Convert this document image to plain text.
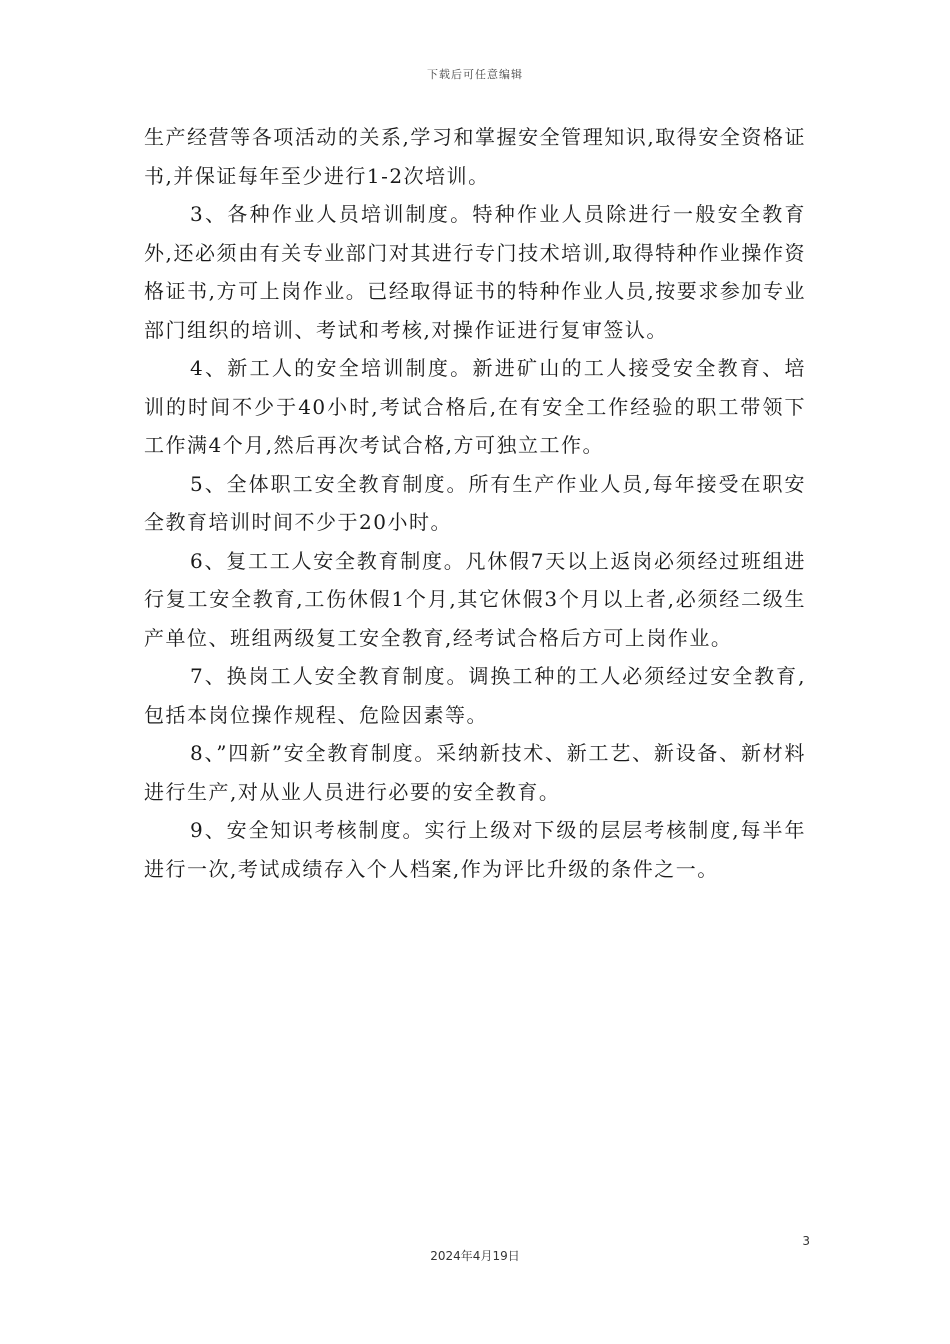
下载后可任意编辑

生产经营等各项活动的关系,学习和掌握安全管理知识,取得安全资格证书,并保证每年至少进行1-2次培训。

3、各种作业人员培训制度。特种作业人员除进行一般安全教育外,还必须由有关专业部门对其进行专门技术培训,取得特种作业操作资格证书,方可上岗作业。已经取得证书的特种作业人员,按要求参加专业部门组织的培训、考试和考核,对操作证进行复审签认。

4、新工人的安全培训制度。新进矿山的工人接受安全教育、培训的时间不少于40小时,考试合格后,在有安全工作经验的职工带领下工作满4个月,然后再次考试合格,方可独立工作。

5、全体职工安全教育制度。所有生产作业人员,每年接受在职安全教育培训时间不少于20小时。

6、复工工人安全教育制度。凡休假7天以上返岗必须经过班组进行复工安全教育,工伤休假1个月,其它休假3个月以上者,必须经二级生产单位、班组两级复工安全教育,经考试合格后方可上岗作业。

7、换岗工人安全教育制度。调换工种的工人必须经过安全教育,包括本岗位操作规程、危险因素等。

8、”四新”安全教育制度。采纳新技术、新工艺、新设备、新材料进行生产,对从业人员进行必要的安全教育。

9、安全知识考核制度。实行上级对下级的层层考核制度,每半年进行一次,考试成绩存入个人档案,作为评比升级的条件之一。

3
2024年4月19日
